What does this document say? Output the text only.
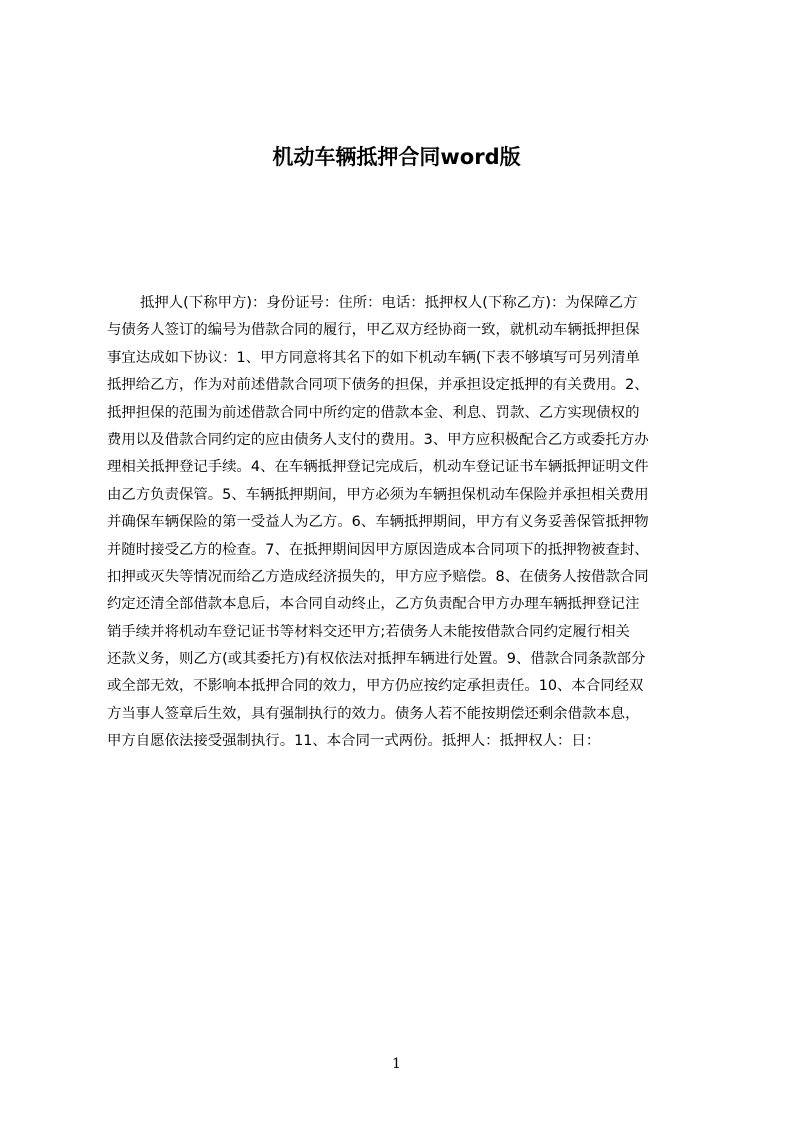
机动车辆抵押合同word版
抵押人(下称甲方)：身份证号：住所：电话：抵押权人(下称乙方)：为保障乙方
与债务人签订的编号为借款合同的履行，甲乙双方经协商一致，就机动车辆抵押担保
事宜达成如下协议：1、甲方同意将其名下的如下机动车辆(下表不够填写可另列清单
抵押给乙方，作为对前述借款合同项下债务的担保，并承担设定抵押的有关费用。2、
抵押担保的范围为前述借款合同中所约定的借款本金、利息、罚款、乙方实现债权的
费用以及借款合同约定的应由债务人支付的费用。3、甲方应积极配合乙方或委托方办
理相关抵押登记手续。4、在车辆抵押登记完成后，机动车登记证书车辆抵押证明文件
由乙方负责保管。5、车辆抵押期间，甲方必须为车辆担保机动车保险并承担相关费用
并确保车辆保险的第一受益人为乙方。6、车辆抵押期间，甲方有义务妥善保管抵押物
并随时接受乙方的检查。7、在抵押期间因甲方原因造成本合同项下的抵押物被查封、
扣押或灭失等情况而给乙方造成经济损失的，甲方应予赔偿。8、在债务人按借款合同
约定还清全部借款本息后，本合同自动终止，乙方负责配合甲方办理车辆抵押登记注
销手续并将机动车登记证书等材料交还甲方;若债务人未能按借款合同约定履行相关
还款义务，则乙方(或其委托方)有权依法对抵押车辆进行处置。9、借款合同条款部分
或全部无效，不影响本抵押合同的效力，甲方仍应按约定承担责任。10、本合同经双
方当事人签章后生效，具有强制执行的效力。债务人若不能按期偿还剩余借款本息，
甲方自愿依法接受强制执行。11、本合同一式两份。抵押人：抵押权人：日：
1
